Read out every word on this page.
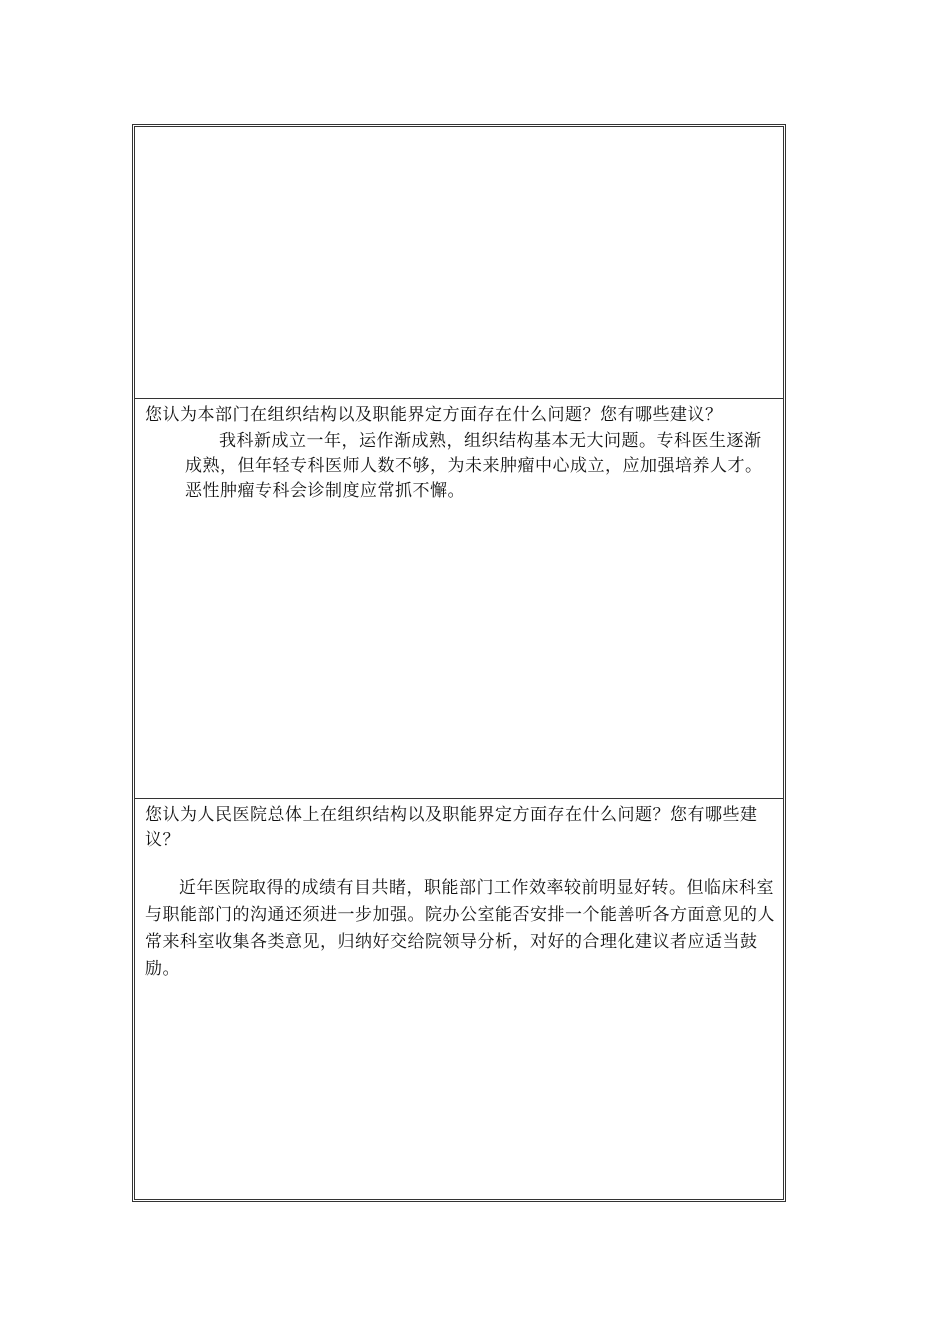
您认为本部门在组织结构以及职能界定方面存在什么问题？您有哪些建议？
我科新成立一年，运作渐成熟，组织结构基本无大问题。专科医生逐渐成熟，但年轻专科医师人数不够，为未来肿瘤中心成立，应加强培养人才。恶性肿瘤专科会诊制度应常抓不懈。
您认为人民医院总体上在组织结构以及职能界定方面存在什么问题？您有哪些建议？
近年医院取得的成绩有目共睹，职能部门工作效率较前明显好转。但临床科室与职能部门的沟通还须进一步加强。院办公室能否安排一个能善听各方面意见的人常来科室收集各类意见，归纳好交给院领导分析，对好的合理化建议者应适当鼓励。
